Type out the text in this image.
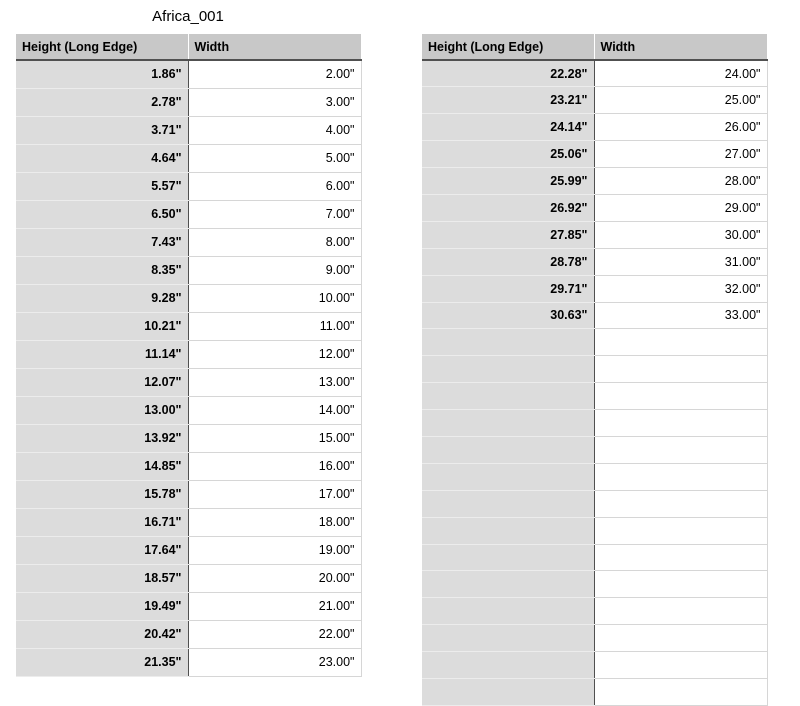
Africa_001
Height (Long Edge)	Width
1.86"	2.00"
2.78"	3.00"
3.71"	4.00"
4.64"	5.00"
5.57"	6.00"
6.50"	7.00"
7.43"	8.00"
8.35"	9.00"
9.28"	10.00"
10.21"	11.00"
11.14"	12.00"
12.07"	13.00"
13.00"	14.00"
13.92"	15.00"
14.85"	16.00"
15.78"	17.00"
16.71"	18.00"
17.64"	19.00"
18.57"	20.00"
19.49"	21.00"
20.42"	22.00"
21.35"	23.00"
Height (Long Edge)	Width
22.28"	24.00"
23.21"	25.00"
24.14"	26.00"
25.06"	27.00"
25.99"	28.00"
26.92"	29.00"
27.85"	30.00"
28.78"	31.00"
29.71"	32.00"
30.63"	33.00"
